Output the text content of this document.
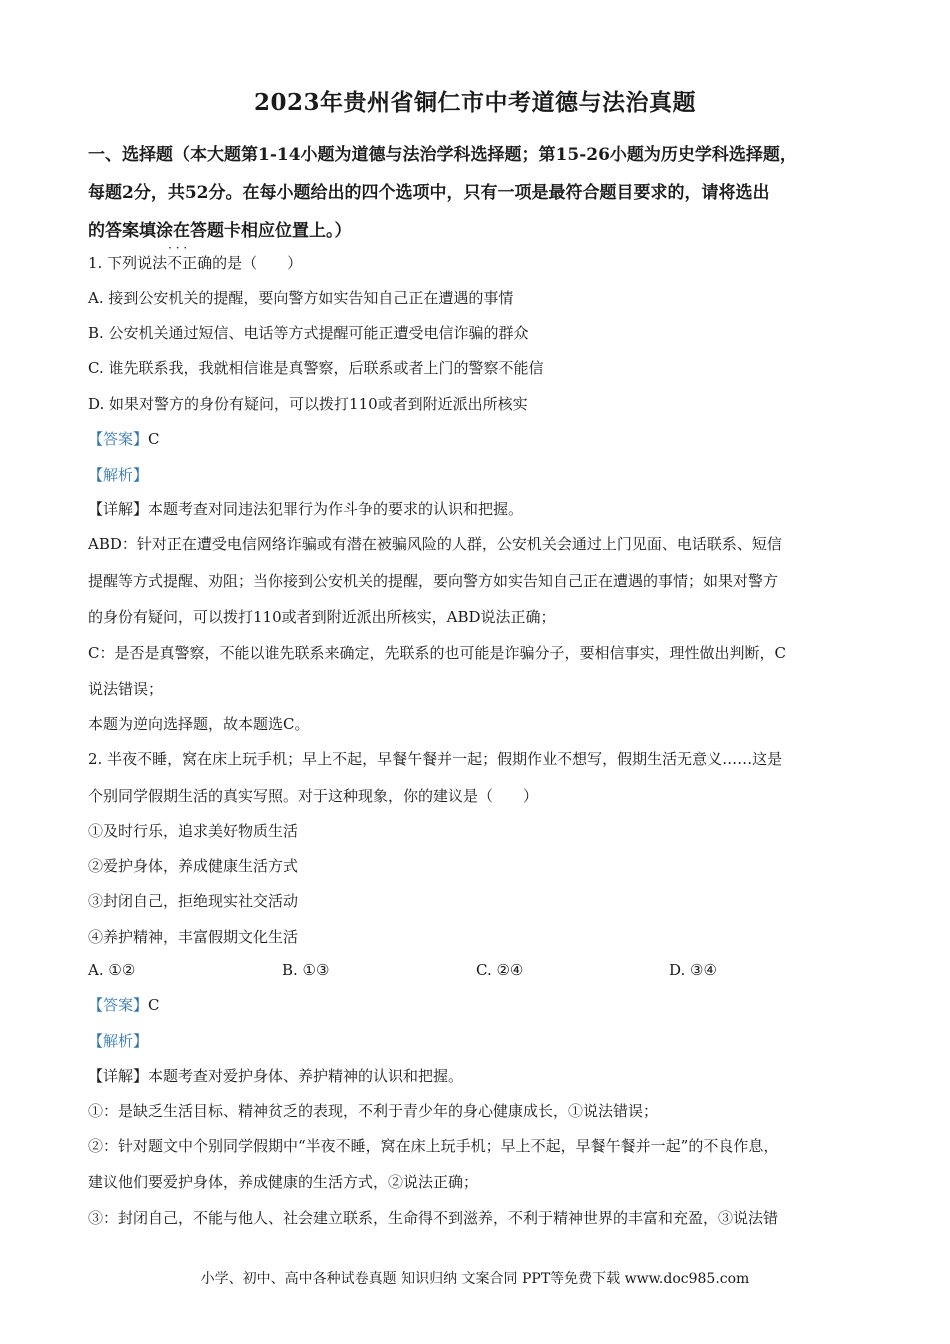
2023年贵州省铜仁市中考道德与法治真题
一、选择题（本大题第1-14小题为道德与法治学科选择题；第15-26小题为历史学科选择题，
每题2分，共52分。在每小题给出的四个选项中，只有一项是最符合题目要求的，请将选出
的答案填涂在答题卡相应位置上。）
1. 下列说法· · · 不正确的是（　　）
A. 接到公安机关的提醒，要向警方如实告知自己正在遭遇的事情
B. 公安机关通过短信、电话等方式提醒可能正遭受电信诈骗的群众
C. 谁先联系我，我就相信谁是真警察，后联系或者上门的警察不能信
D. 如果对警方的身份有疑问，可以拨打110或者到附近派出所核实
【答案】C
【解析】
【详解】本题考查对同违法犯罪行为作斗争的要求的认识和把握。
ABD：针对正在遭受电信网络诈骗或有潜在被骗风险的人群，公安机关会通过上门见面、电话联系、短信
提醒等方式提醒、劝阻；当你接到公安机关的提醒，要向警方如实告知自己正在遭遇的事情；如果对警方
的身份有疑问，可以拨打110或者到附近派出所核实，ABD说法正确；
C：是否是真警察，不能以谁先联系来确定，先联系的也可能是诈骗分子，要相信事实，理性做出判断，C
说法错误；
本题为逆向选择题，故本题选C。
2. 半夜不睡，窝在床上玩手机；早上不起，早餐午餐并一起；假期作业不想写，假期生活无意义……这是
个别同学假期生活的真实写照。对于这种现象，你的建议是（　　）
①及时行乐，追求美好物质生活
②爱护身体，养成健康生活方式
③封闭自己，拒绝现实社交活动
④养护精神，丰富假期文化生活
A. ①②	B. ①③	C. ②④	D. ③④
【答案】C
【解析】
【详解】本题考查对爱护身体、养护精神的认识和把握。
①：是缺乏生活目标、精神贫乏的表现，不利于青少年的身心健康成长，①说法错误；
②：针对题文中个别同学假期中“半夜不睡，窝在床上玩手机；早上不起，早餐午餐并一起”的不良作息，
建议他们要爱护身体，养成健康的生活方式，②说法正确；
③：封闭自己，不能与他人、社会建立联系，生命得不到滋养，不利于精神世界的丰富和充盈，③说法错
小学、初中、高中各种试卷真题 知识归纳 文案合同 PPT等免费下载 www.doc985.com
